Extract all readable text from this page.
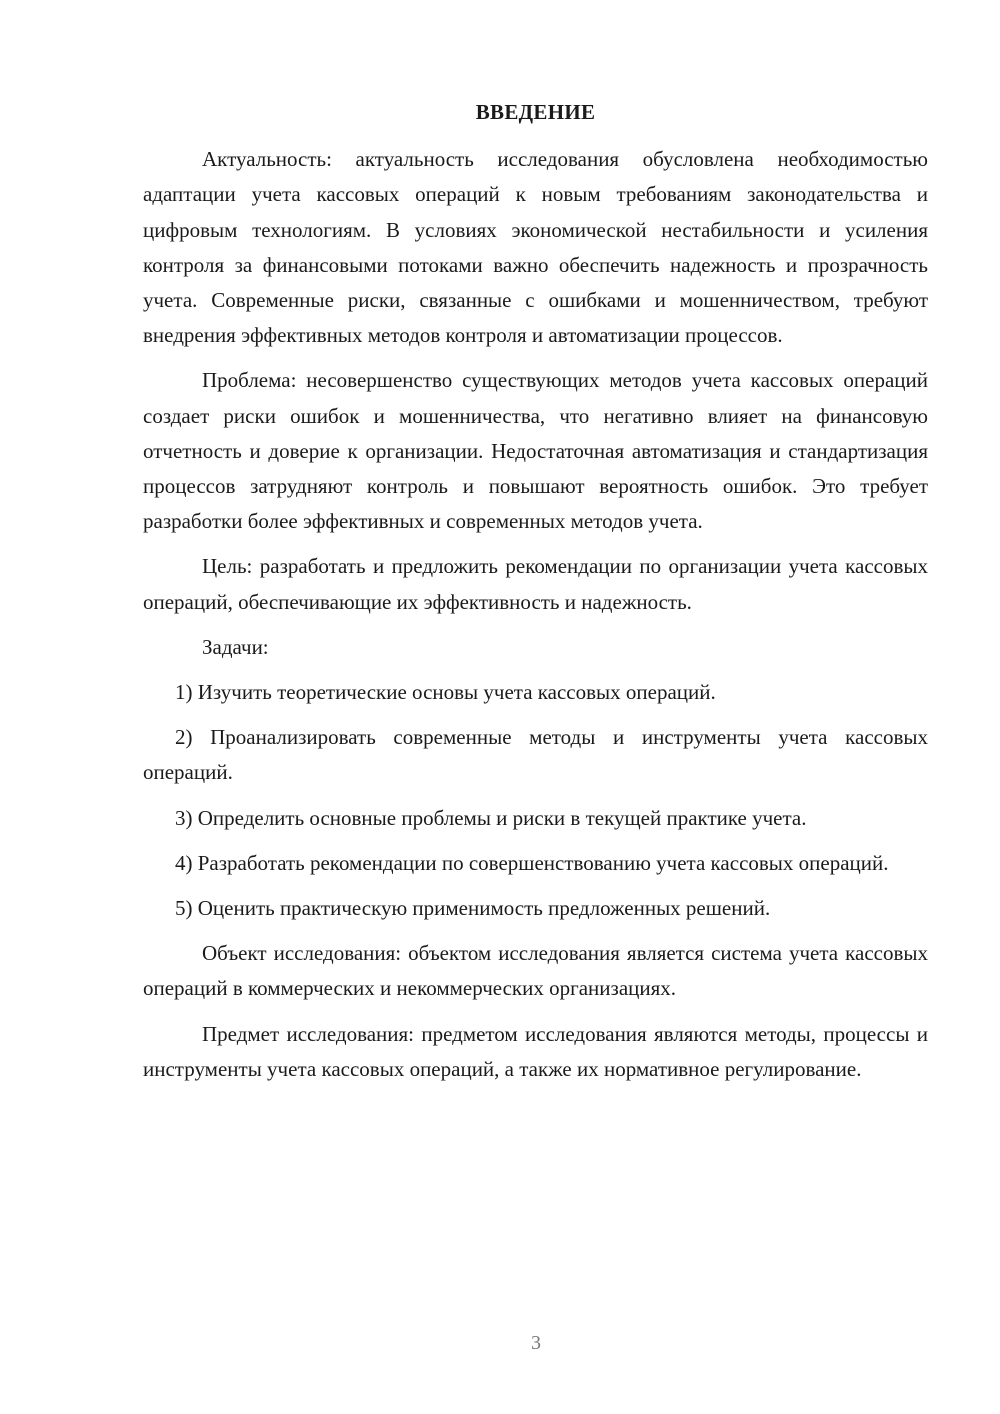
ВВЕДЕНИЕ

Актуальность: актуальность исследования обусловлена необходимостью адаптации учета кассовых операций к новым требованиям законодательства и цифровым технологиям. В условиях экономической нестабильности и усиления контроля за финансовыми потоками важно обеспечить надежность и прозрачность учета. Современные риски, связанные с ошибками и мошенничеством, требуют внедрения эффективных методов контроля и автоматизации процессов.

Проблема: несовершенство существующих методов учета кассовых операций создает риски ошибок и мошенничества, что негативно влияет на финансовую отчетность и доверие к организации. Недостаточная автоматизация и стандартизация процессов затрудняют контроль и повышают вероятность ошибок. Это требует разработки более эффективных и современных методов учета.

Цель: разработать и предложить рекомендации по организации учета кассовых операций, обеспечивающие их эффективность и надежность.

Задачи:

1) Изучить теоретические основы учета кассовых операций.

2) Проанализировать современные методы и инструменты учета кассовых операций.

3) Определить основные проблемы и риски в текущей практике учета.

4) Разработать рекомендации по совершенствованию учета кассовых операций.

5) Оценить практическую применимость предложенных решений.

Объект исследования: объектом исследования является система учета кассовых операций в коммерческих и некоммерческих организациях.

Предмет исследования: предметом исследования являются методы, процессы и инструменты учета кассовых операций, а также их нормативное регулирование.

3
